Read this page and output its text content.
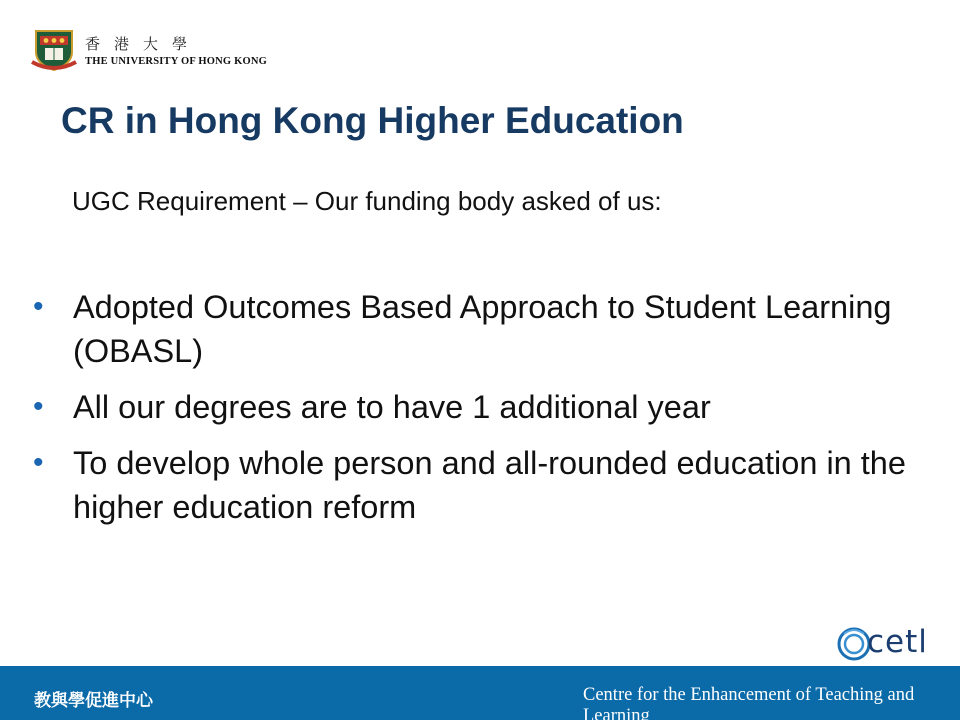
香港大學
THE UNIVERSITY OF HONG KONG
CR in Hong Kong Higher Education
UGC Requirement – Our funding body asked of us:
• Adopted Outcomes Based Approach to Student Learning (OBASL)
• All our degrees are to have 1 additional year
• To develop whole person and all-rounded education in the higher education reform
cetl
教與學促進中心	Centre for the Enhancement of Teaching and Learning
